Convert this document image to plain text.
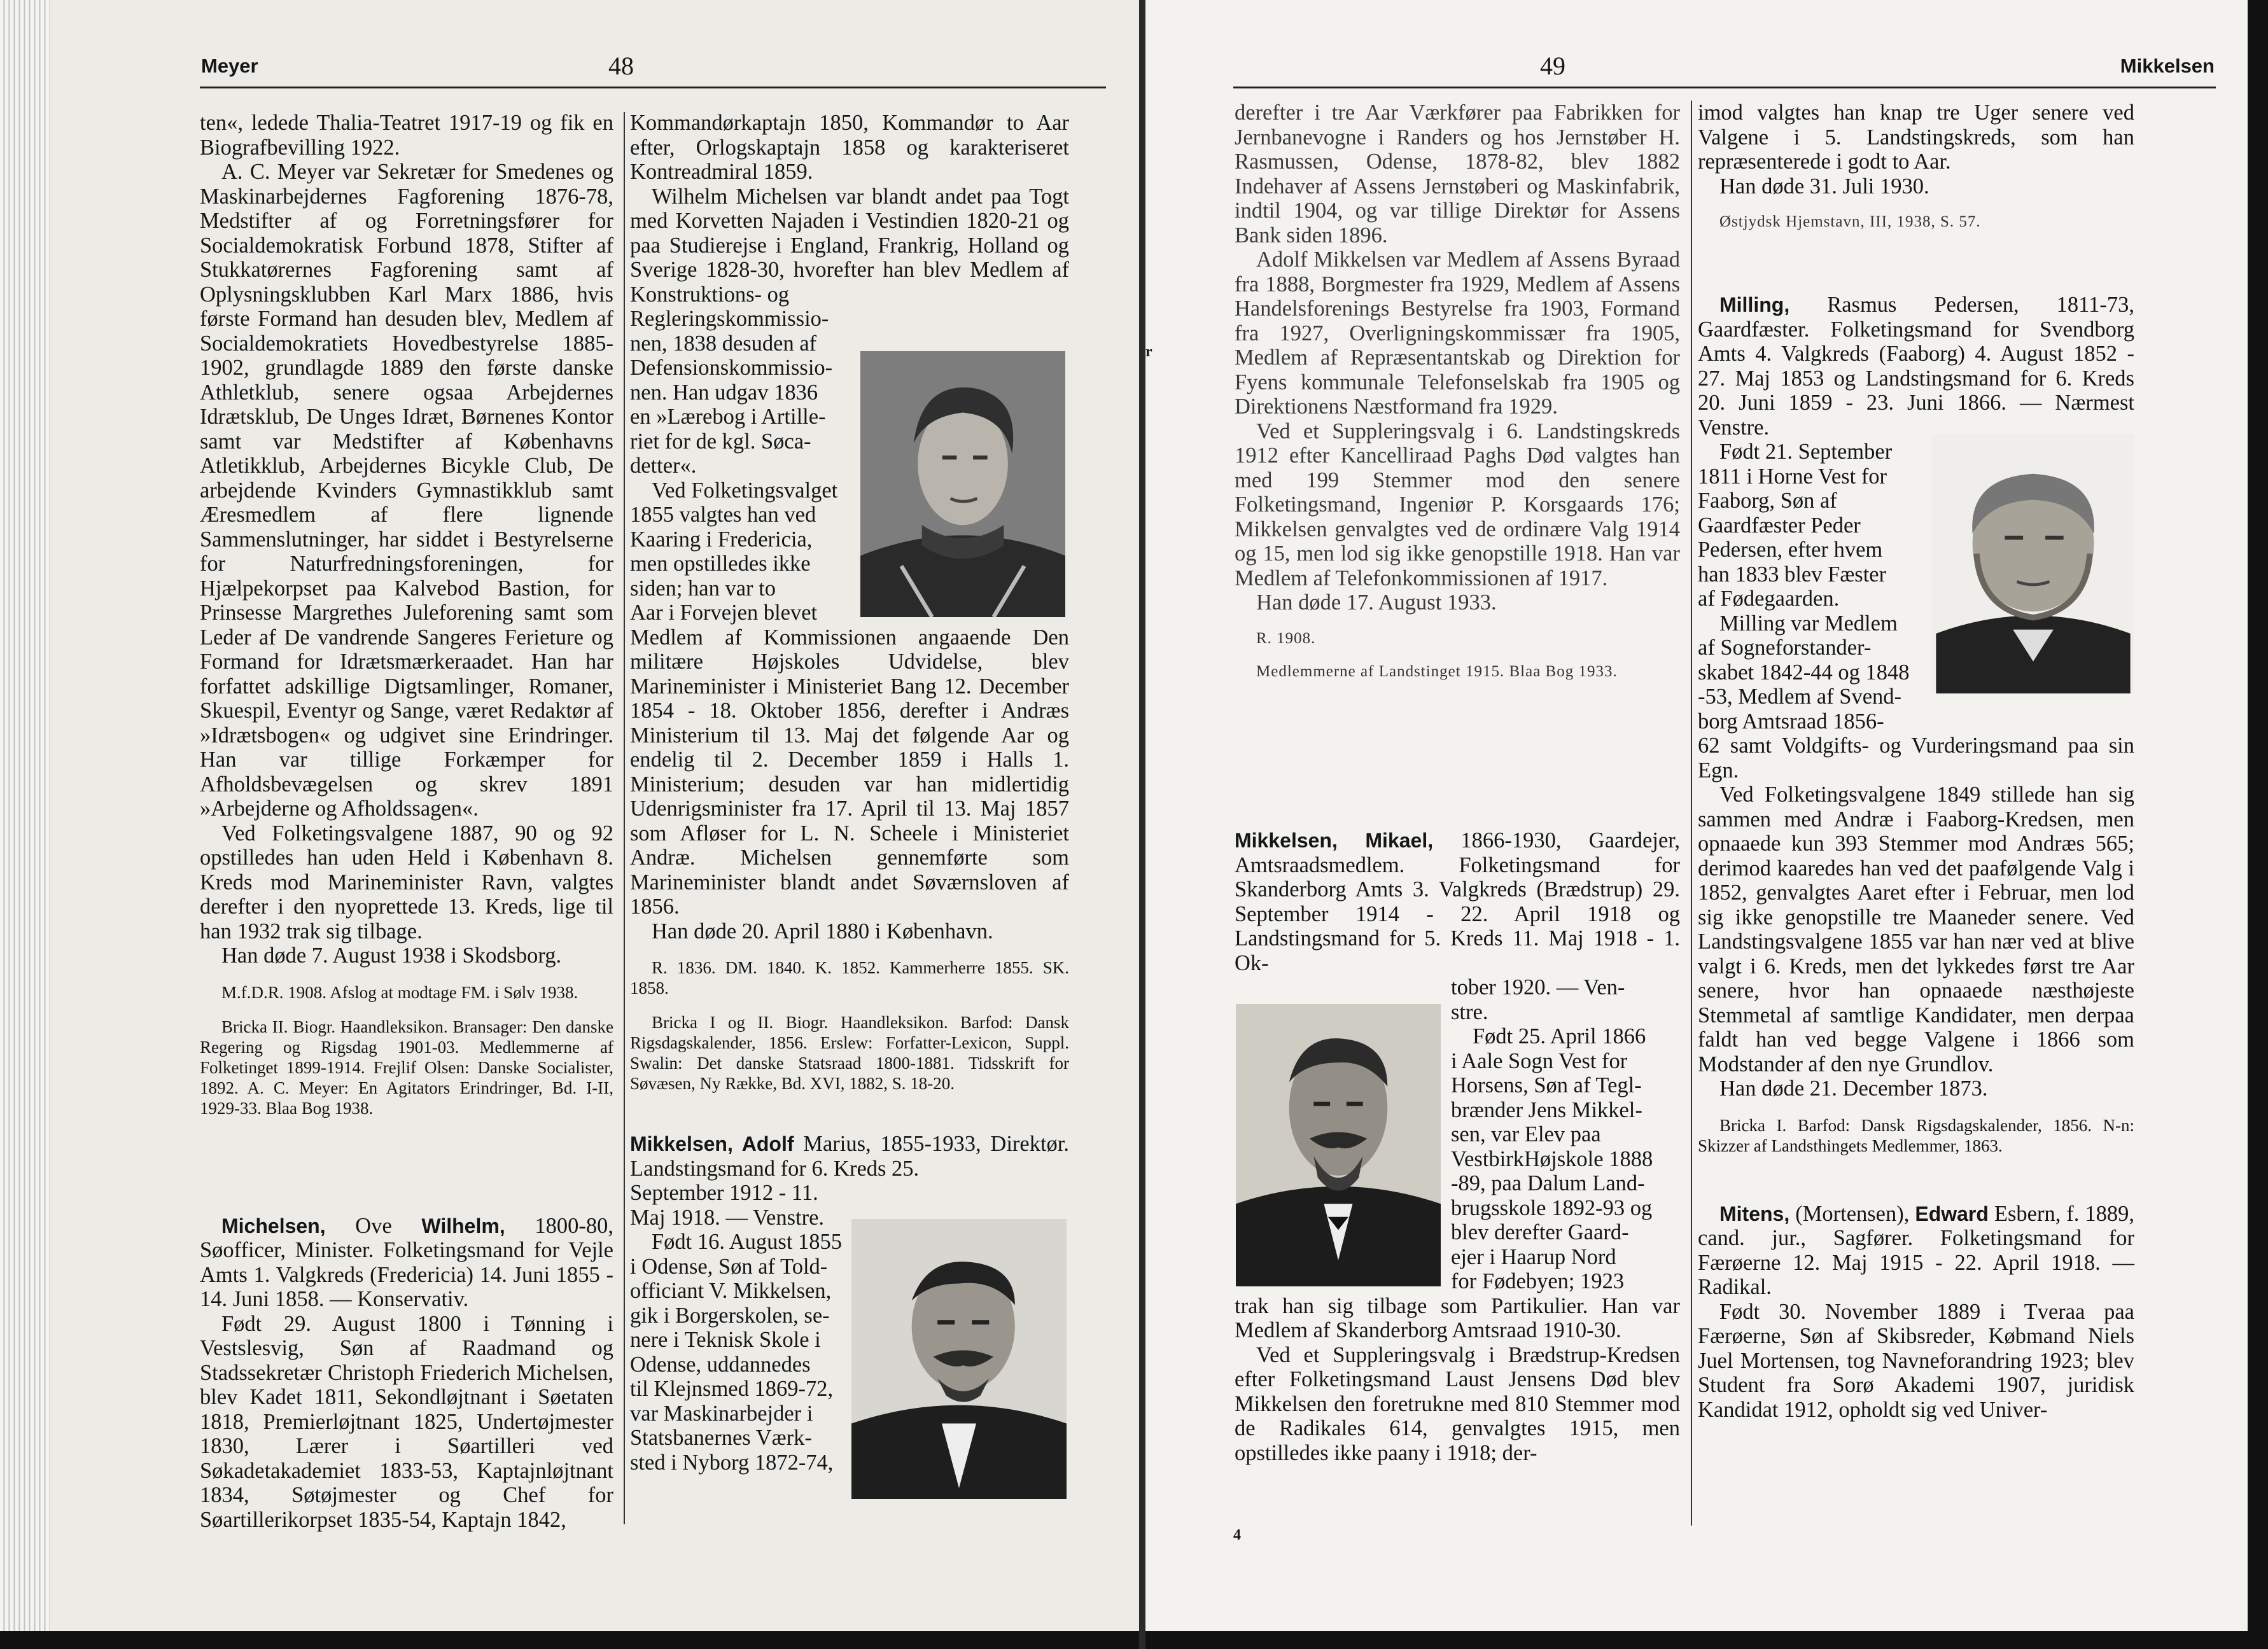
Meyer	48

ten«, ledede Thalia-Teatret 1917-19 og fik en Biografbevilling 1922.

A. C. Meyer var Sekretær for Smedenes og Maskinarbejdernes Fagforening 1876-78, Medstifter af og Forretningsfører for Socialdemokratisk Forbund 1878, Stifter af Stukkatørernes Fagforening samt af Oplysningsklubben Karl Marx 1886, hvis første Formand han desuden blev, Medlem af Socialdemokratiets Hovedbestyrelse 1885-1902, grundlagde 1889 den første danske Athletklub, senere ogsaa Arbejdernes Idrætsklub, De Unges Idræt, Børnenes Kontor samt var Medstifter af Københavns Atletikklub, Arbejdernes Bicykle Club, De arbejdende Kvinders Gymnastikklub samt Æresmedlem af flere lignende Sammenslutninger, har siddet i Bestyrelserne for Naturfredningsforeningen, for Hjælpekorpset paa Kalvebod Bastion, for Prinsesse Margrethes Juleforening samt som Leder af De vandrende Sangeres Ferieture og Formand for Idrætsmærkeraadet. Han har forfattet adskillige Digtsamlinger, Romaner, Skuespil, Eventyr og Sange, været Redaktør af »Idrætsbogen« og udgivet sine Erindringer. Han var tillige Forkæmper for Afholdsbevægelsen og skrev 1891 »Arbejderne og Afholdssagen«.

Ved Folketingsvalgene 1887, 90 og 92 opstilledes han uden Held i København 8. Kreds mod Marineminister Ravn, valgtes derefter i den nyoprettede 13. Kreds, lige til han 1932 trak sig tilbage.

Han døde 7. August 1938 i Skodsborg.

M.f.D.R. 1908. Afslog at modtage FM. i Sølv 1938.

Bricka II. Biogr. Haandleksikon. Bransager: Den danske Regering og Rigsdag 1901-03. Medlemmerne af Folketinget 1899-1914. Freјlif Olsen: Danske Socialister, 1892. A. C. Meyer: En Agitators Erindringer, Bd. I-II, 1929-33. Blaa Bog 1938.

Michelsen, Ove Wilhelm, 1800-80, Søofficer, Minister. Folketingsmand for Vejle Amts 1. Valgkreds (Fredericia) 14. Juni 1855 - 14. Juni 1858. — Konservativ.

Født 29. August 1800 i Tønning i Vestslesvig, Søn af Raadmand og Stadssekretær Christoph Friederich Michelsen, blev Kadet 1811, Sekondløjtnant i Søetaten 1818, Premierløjtnant 1825, Undertøjmester 1830, Lærer i Søartilleri ved Søkadetakademiet 1833-53, Kaptajnløjtnant 1834, Søtøjmester og Chef for Søartillerikorpset 1835-54, Kaptajn 1842,

Kommandørkaptajn 1850, Kommandør to Aar efter, Orlogskaptajn 1858 og karakteriseret Kontreadmiral 1859.

Wilhelm Michelsen var blandt andet paa Togt med Korvetten Najaden i Vestindien 1820-21 og paa Studierejse i England, Frankrig, Holland og Sverige 1828-30, hvorefter han blev Medlem af Konstruktions- og

Regleringskommissio-
nen, 1838 desuden af
Defensionskommissio-
nen. Han udgav 1836
en »Lærebog i Artille-
riet for de kgl. Søca-
detter«.
Ved Folketingsvalget
1855 valgtes han ved
Kaaring i Fredericia,
men opstilledes ikke
siden; han var to
Aar i Forvejen blevet

Medlem af Kommissionen angaaende Den militære Højskoles Udvidelse, blev Marineminister i Ministeriet Bang 12. December 1854 - 18. Oktober 1856, derefter i Andræs Ministerium til 13. Maj det følgende Aar og endelig til 2. December 1859 i Halls 1. Ministerium; desuden var han midlertidig Udenrigsminister fra 17. April til 13. Maj 1857 som Afløser for L. N. Scheele i Ministeriet Andræ. Michelsen gennemførte som Marineminister blandt andet Søværnsloven af 1856.

Han døde 20. April 1880 i København.

R. 1836. DM. 1840. K. 1852. Kammerherre 1855. SK. 1858.

Bricka I og II. Biogr. Haandleksikon. Barfod: Dansk Rigsdagskalender, 1856. Erslew: Forfatter-Lexicon, Suppl. Swalin: Det danske Statsraad 1800-1881. Tidsskrift for Søvæsen, Ny Række, Bd. XVI, 1882, S. 18-20.

Mikkelsen, Adolf Marius, 1855-1933, Direktør. Landstingsmand for 6. Kreds 25.

September 1912 - 11.
Maj 1918. — Venstre.
Født 16. August 1855
i Odense, Søn af Told-
officiant V. Mikkelsen,
gik i Borgerskolen, se-
nere i Teknisk Skole i
Odense, uddannedes
til Klejnsmed 1869-72,
var Maskinarbejder i
Statsbanernes Værk-
sted i Nyborg 1872-74,
49	Mikkelsen
r

derefter i tre Aar Værkfører paa Fabrikken for Jernbanevogne i Randers og hos Jernstøber H. Rasmussen, Odense, 1878-82, blev 1882 Indehaver af Assens Jernstøberi og Maskinfabrik, indtil 1904, og var tillige Direktør for Assens Bank siden 1896.

Adolf Mikkelsen var Medlem af Assens Byraad fra 1888, Borgmester fra 1929, Medlem af Assens Handelsforenings Bestyrelse fra 1903, Formand fra 1927, Overligningskommissær fra 1905, Medlem af Repræsentantskab og Direktion for Fyens kommunale Telefonselskab fra 1905 og Direktionens Næstformand fra 1929.

Ved et Suppleringsvalg i 6. Landstingskreds 1912 efter Kancelliraad Paghs Død valgtes han med 199 Stemmer mod den senere Folketingsmand, Ingeniør P. Korsgaards 176; Mikkelsen genvalgtes ved de ordinære Valg 1914 og 15, men lod sig ikke genopstille 1918. Han var Medlem af Telefonkommissionen af 1917.

Han døde 17. August 1933.

R. 1908.

Medlemmerne af Landstinget 1915. Blaa Bog 1933.

Mikkelsen, Mikael, 1866-1930, Gaardejer, Amtsraadsmedlem. Folketingsmand for Skanderborg Amts 3. Valgkreds (Brædstrup) 29. September 1914 - 22. April 1918 og Landstingsmand for 5. Kreds 11. Maj 1918 - 1. Ok-

tober 1920. — Ven-
stre.
Født 25. April 1866
i Aale Sogn Vest for
Horsens, Søn af Tegl-
brænder Jens Mikkel-
sen, var Elev paa
VestbirkHøjskole 1888
-89, paa Dalum Land-
brugsskole 1892-93 og
blev derefter Gaard-
ejer i Haarup Nord
for Fødebyen; 1923

trak han sig tilbage som Partikulier. Han var Medlem af Skanderborg Amtsraad 1910-30.

Ved et Suppleringsvalg i Brædstrup-Kredsen efter Folketingsmand Laust Jensens Død blev Mikkelsen den foretrukne med 810 Stemmer mod de Radikales 614, genvalgtes 1915, men opstilledes ikke paany i 1918; der-

imod valgtes han knap tre Uger senere ved Valgene i 5. Landstingskreds, som han repræsenterede i godt to Aar.

Han døde 31. Juli 1930.

Østjydsk Hjemstavn, III, 1938, S. 57.

Milling, Rasmus Pedersen, 1811-73, Gaardfæster. Folketingsmand for Svendborg Amts 4. Valgkreds (Faaborg) 4. August 1852 - 27. Maj 1853 og Landstingsmand for 6. Kreds 20. Juni 1859 - 23. Juni 1866. — Nærmest Venstre.

Født 21. September
1811 i Horne Vest for
Faaborg, Søn af
Gaardfæster Peder
Pedersen, efter hvem
han 1833 blev Fæster
af Fødegaarden.
Milling var Medlem
af Sogneforstander-
skabet 1842-44 og 1848
-53, Medlem af Svend-
borg Amtsraad 1856-

62 samt Voldgifts- og Vurderingsmand paa sin Egn.

Ved Folketingsvalgene 1849 stillede han sig sammen med Andræ i Faaborg-Kredsen, men opnaaede kun 393 Stemmer mod Andræs 565; derimod kaaredes han ved det paafølgende Valg i 1852, genvalgtes Aaret efter i Februar, men lod sig ikke genopstille tre Maaneder senere. Ved Landstingsvalgene 1855 var han nær ved at blive valgt i 6. Kreds, men det lykkedes først tre Aar senere, hvor han opnaaede næsthøjeste Stemmetal af samtlige Kandidater, men derpaa faldt han ved begge Valgene i 1866 som Modstander af den nye Grundlov.

Han døde 21. December 1873.

Bricka I. Barfod: Dansk Rigsdagskalender, 1856. N-n: Skizzer af Landsthingets Medlemmer, 1863.

Mitens, (Mortensen), Edward Esbern, f. 1889, cand. jur., Sagfører. Folketingsmand for Færøerne 12. Maj 1915 - 22. April 1918. — Radikal.

Født 30. November 1889 i Tveraa paa Færøerne, Søn af Skibsreder, Købmand Niels Juel Mortensen, tog Navneforandring 1923; blev Student fra Sorø Akademi 1907, juridisk Kandidat 1912, opholdt sig ved Univer-

4
